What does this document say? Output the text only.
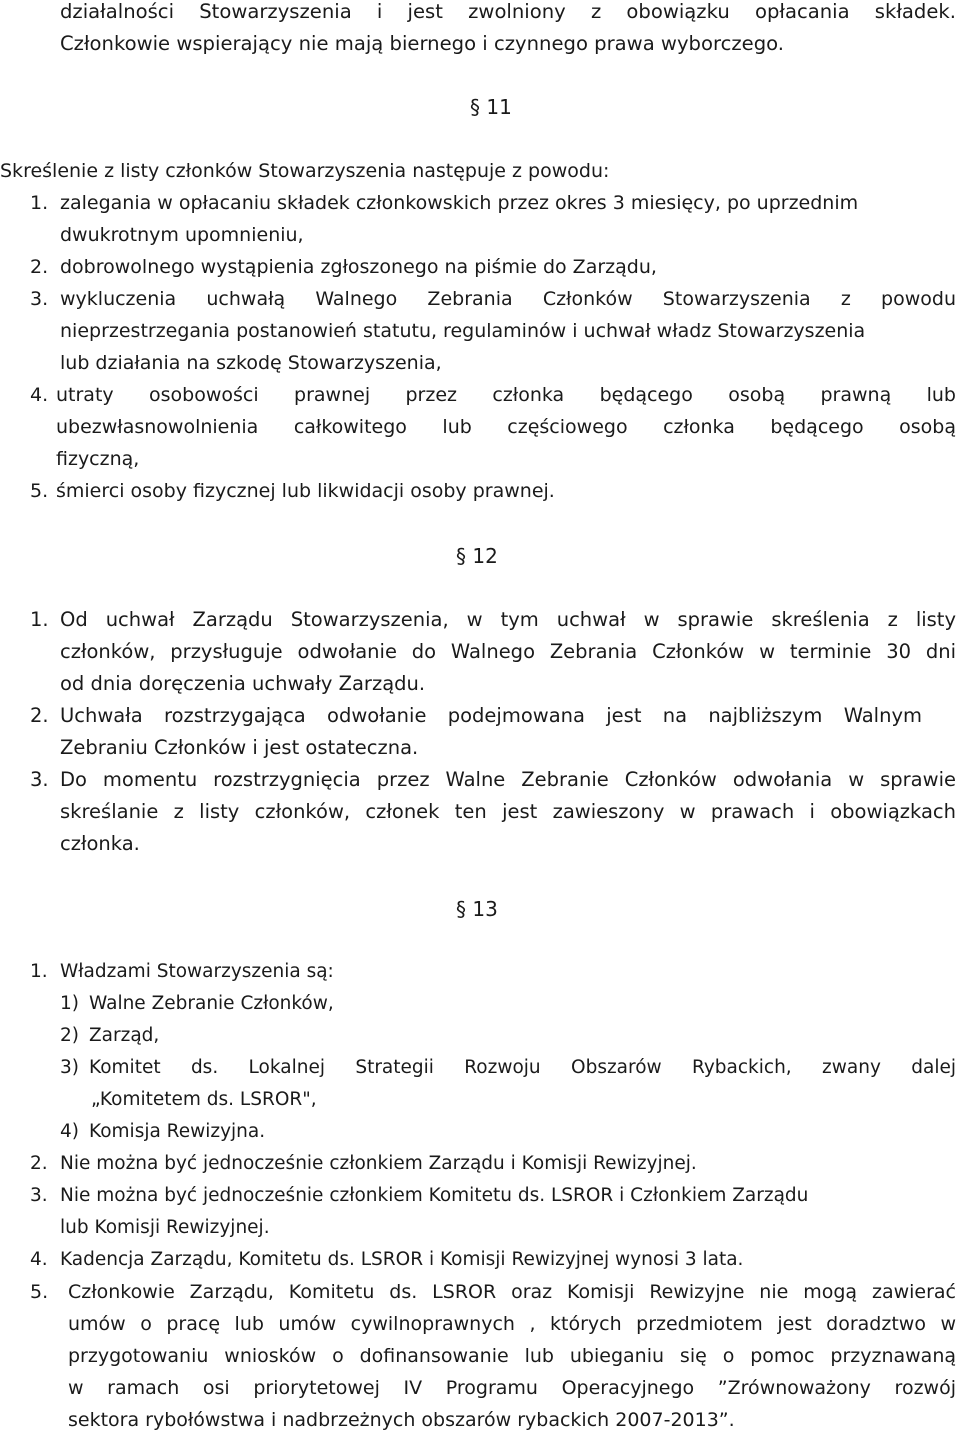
działalności Stowarzyszenia i jest zwolniony z obowiązku opłacania składek.
Członkowie wspierający nie mają biernego i czynnego prawa wyborczego.
§ 11
Skreślenie z listy członków Stowarzyszenia następuje z powodu:
1. zalegania w opłacaniu składek członkowskich przez okres 3 miesięcy, po uprzednim
dwukrotnym upomnieniu,
2. dobrowolnego wystąpienia zgłoszonego na piśmie do Zarządu,
3. wykluczenia uchwałą Walnego Zebrania Członków Stowarzyszenia z powodu
nieprzestrzegania postanowień statutu, regulaminów i uchwał władz Stowarzyszenia
lub działania na szkodę Stowarzyszenia,
4. utraty osobowości prawnej przez członka będącego osobą prawną lub
ubezwłasnowolnienia całkowitego lub częściowego członka będącego osobą
fizyczną,
5. śmierci osoby fizycznej lub likwidacji osoby prawnej.
§ 12
1. Od uchwał Zarządu Stowarzyszenia, w tym uchwał w sprawie skreślenia z listy
członków, przysługuje odwołanie do Walnego Zebrania Członków w terminie 30 dni
od dnia doręczenia uchwały Zarządu.
2. Uchwała rozstrzygająca odwołanie podejmowana jest na najbliższym Walnym
Zebraniu Członków i jest ostateczna.
3. Do momentu rozstrzygnięcia przez Walne Zebranie Członków odwołania w sprawie
skreślanie z listy członków, członek ten jest zawieszony w prawach i obowiązkach
członka.
§ 13
1. Władzami Stowarzyszenia są:
1) Walne Zebranie Członków,
2) Zarząd,
3) Komitet ds. Lokalnej Strategii Rozwoju Obszarów Rybackich, zwany dalej
„Komitetem ds. LSROR",
4) Komisja Rewizyjna.
2. Nie można być jednocześnie członkiem Zarządu i Komisji Rewizyjnej.
3. Nie można być jednocześnie członkiem Komitetu ds. LSROR i Członkiem Zarządu
lub Komisji Rewizyjnej.
4. Kadencja Zarządu, Komitetu ds. LSROR i Komisji Rewizyjnej wynosi 3 lata.
5. Członkowie Zarządu, Komitetu ds. LSROR oraz Komisji Rewizyjne nie mogą zawierać
umów o pracę lub umów cywilnoprawnych , których przedmiotem jest doradztwo w
przygotowaniu wniosków o dofinansowanie lub ubieganiu się o pomoc przyznawaną
w ramach osi priorytetowej IV Programu Operacyjnego ”Zrównoważony rozwój
sektora rybołówstwa i nadbrzeżnych obszarów rybackich 2007-2013”.
